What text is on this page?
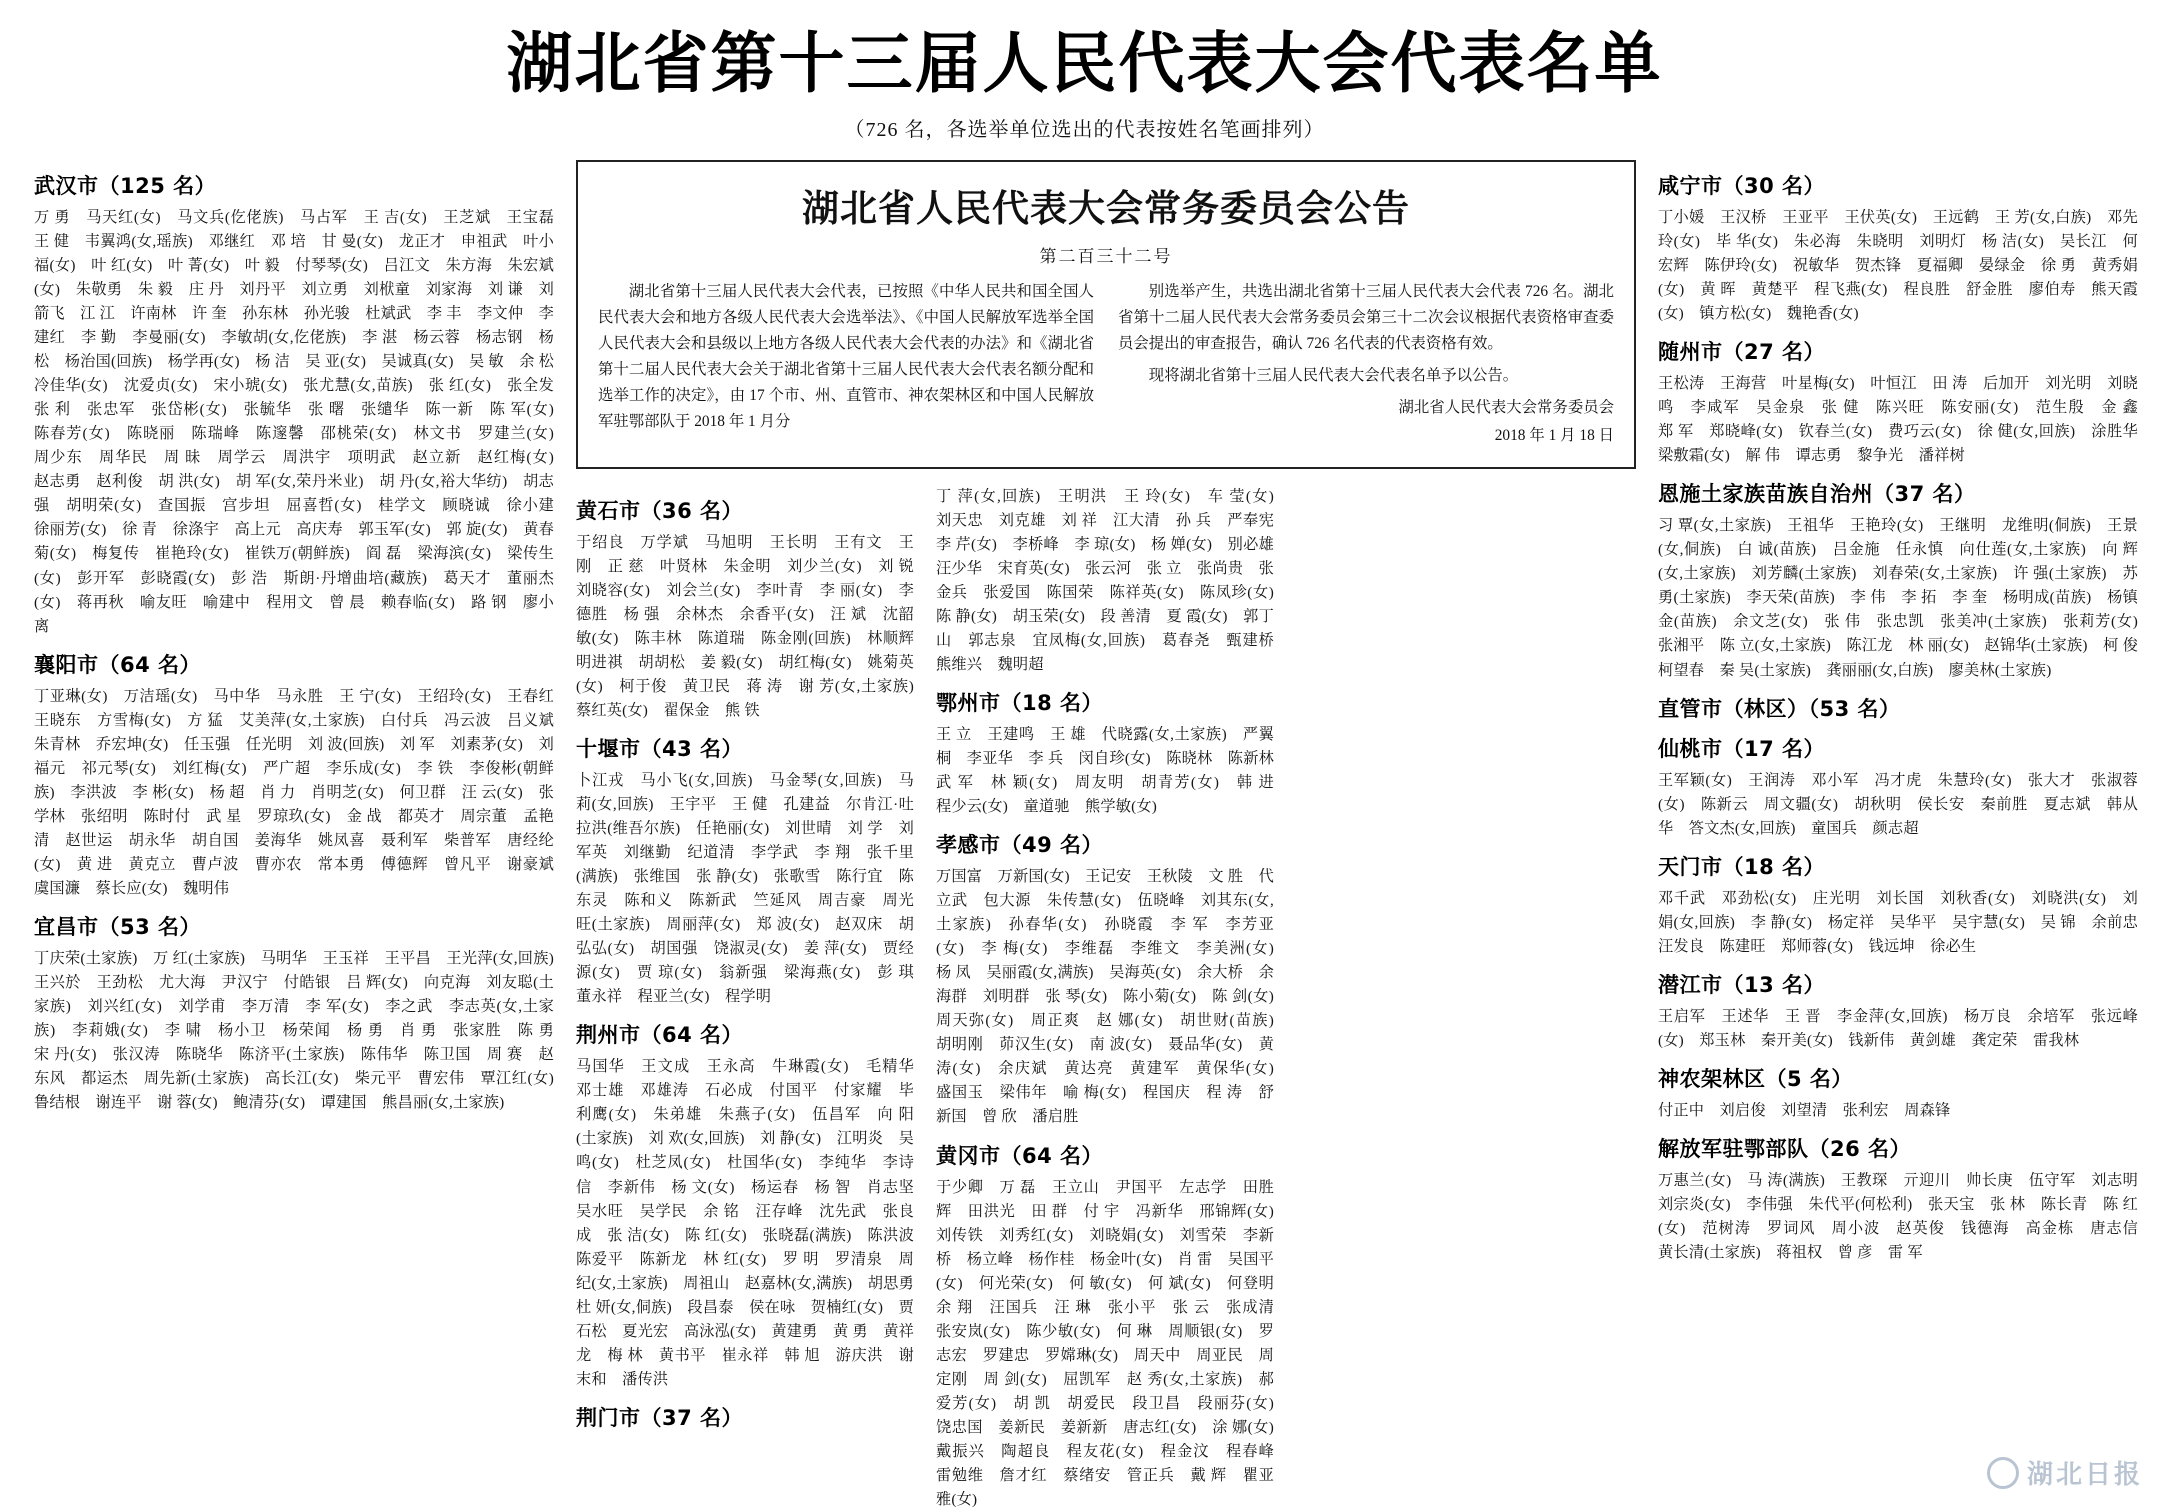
湖北省第十三届人民代表大会代表名单
（726 名，各选举单位选出的代表按姓名笔画排列）
武汉市（125 名）
万 勇　马天红(女)　马文兵(仡佬族)　马占军　王 吉(女)　王芝斌　王宝磊　王 健　韦翼鸿(女,瑶族)　邓继红　邓 培　甘 曼(女)　龙正才　申祖武　叶小福(女)　叶 红(女)　叶 菁(女)　叶 毅　付琴琴(女)　吕江文　朱方海　朱宏斌(女)　朱敬勇　朱 毅　庄 丹　刘丹平　刘立勇　刘栿童　刘家海　刘 谦　刘箭飞　江 江　许南林　许 奎　孙东林　孙光骏　杜斌武　李 丰　李文仲　李建红　李 勤　李曼丽(女)　李敏胡(女,仡佬族)　李 湛　杨云蓉　杨志钢　杨 松　杨治国(回族)　杨学再(女)　杨 洁　吴 亚(女)　吴诚真(女)　吴 敏　余 松　冷佳华(女)　沈爱贞(女)　宋小琥(女)　张尤慧(女,苗族)　张 红(女)　张全发　张 利　张忠军　张岱彬(女)　张毓华　张 曙　张缱华　陈一新　陈 军(女)　陈春芳(女)　陈晓丽　陈瑞峰　陈邃馨　邵桃荣(女)　林文书　罗建兰(女)　周少东　周华民　周 昧　周学云　周洪宇　项明武　赵立新　赵红梅(女)　赵志勇　赵利俊　胡 洪(女)　胡 军(女,荣丹米业)　胡 丹(女,裕大华纺)　胡志强　胡明荣(女)　查国振　宫步坦　屈喜哲(女)　桂学文　顾晓诚　徐小建　徐丽芳(女)　徐 青　徐涤宇　高上元　高庆寿　郭玉军(女)　郭 旋(女)　黄春菊(女)　梅复传　崔艳玲(女)　崔铁万(朝鲜族)　阎 磊　梁海滨(女)　梁传生(女)　彭开军　彭晓霞(女)　彭 浩　斯朗·丹增曲培(藏族)　葛天才　董丽杰(女)　蒋再秋　喻友旺　喻建中　程用文　曾 晨　赖春临(女)　路 钢　廖小离
襄阳市（64 名）
丁亚琳(女)　万洁瑶(女)　马中华　马永胜　王 宁(女)　王绍玲(女)　王春红　王晓东　方雪梅(女)　方 猛　艾美萍(女,土家族)　白付兵　冯云波　吕义斌　朱青林　乔宏坤(女)　任玉强　任光明　刘 波(回族)　刘 军　刘素茅(女)　刘福元　祁元琴(女)　刘红梅(女)　严广超　李乐成(女)　李 铁　李俊彬(朝鲜族)　李洪波　李 彬(女)　杨 超　肖 力　肖明芝(女)　何卫群　汪 云(女)　张学林　张绍明　陈时付　武 星　罗琼玖(女)　金 战　都英才　周宗董　孟艳清　赵世运　胡永华　胡自国　姜海华　姚凤喜　聂利军　柴普军　唐经纶(女)　黄 进　黄克立　曹卢波　曹亦农　常本勇　傅德辉　曾凡平　谢豪斌　虞国濂　蔡长应(女)　魏明伟
宜昌市（53 名）
丁庆荣(土家族)　万 红(土家族)　马明华　王玉祥　王平昌　王光萍(女,回族)　王兴於　王劲松　尤大海　尹汉宁　付皓银　吕 辉(女)　向克海　刘友聪(土家族)　刘兴红(女)　刘学甫　李万清　李 军(女)　李之武　李志英(女,土家族)　李莉娥(女)　李 啸　杨小卫　杨荣闻　杨 勇　肖 勇　张家胜　陈 勇　宋 丹(女)　张汉涛　陈晓华　陈济平(土家族)　陈伟华　陈卫国　周 赛　赵东风　都运杰　周先新(土家族)　高长江(女)　柴元平　曹宏伟　覃江红(女)　鲁结根　谢连平　谢 蓉(女)　鲍清芬(女)　谭建国　熊昌丽(女,土家族)
湖北省人民代表大会常务委员会公告
第二百三十二号

湖北省第十三届人民代表大会代表，已按照《中华人民共和国全国人民代表大会和地方各级人民代表大会选举法》、《中国人民解放军选举全国人民代表大会和县级以上地方各级人民代表大会代表的办法》和《湖北省第十二届人民代表大会关于湖北省第十三届人民代表大会代表名额分配和选举工作的决定》，由 17 个市、州、直管市、神农架林区和中国人民解放军驻鄂部队于 2018 年 1 月分

别选举产生，共选出湖北省第十三届人民代表大会代表 726 名。湖北省第十二届人民代表大会常务委员会第三十二次会议根据代表资格审查委员会提出的审查报告，确认 726 名代表的代表资格有效。

现将湖北省第十三届人民代表大会代表名单予以公告。

湖北省人民代表大会常务委员会

2018 年 1 月 18 日

黄石市（36 名）
于绍良　万学斌　马旭明　王长明　王有文　王 刚　正 慈　叶贤林　朱金明　刘少兰(女)　刘 锐　刘晓容(女)　刘会兰(女)　李叶青　李 丽(女)　李德胜　杨 强　余林杰　余香平(女)　汪 斌　沈韶敏(女)　陈丰林　陈道瑞　陈金刚(回族)　林顺辉　明进祺　胡胡松　姜 毅(女)　胡红梅(女)　姚菊英(女)　柯于俊　黄卫民　蒋 涛　谢 芳(女,土家族)　蔡红英(女)　翟保金　熊 铁
十堰市（43 名）
卜江戎　马小飞(女,回族)　马金琴(女,回族)　马 莉(女,回族)　王宇平　王 健　孔建益　尔肯江·吐拉洪(维吾尔族)　任艳丽(女)　刘世晴　刘 学　刘军英　刘继勤　纪道清　李学武　李 翔　张千里(满族)　张维国　张 静(女)　张歌雪　陈行宜　陈东灵　陈和义　陈新武　竺延风　周吉豪　周光旺(土家族)　周丽萍(女)　郑 波(女)　赵双床　胡弘弘(女)　胡国强　饶淑灵(女)　姜 萍(女)　贾经源(女)　贾 琼(女)　翁新强　梁海燕(女)　彭 琪　董永祥　程亚兰(女)　程学明
荆州市（64 名）
马国华　王文成　王永高　牛琳霞(女)　毛精华　邓士雄　邓雄涛　石必成　付国平　付家耀　毕利鹰(女)　朱弟雄　朱燕子(女)　伍昌军　向 阳(土家族)　刘 欢(女,回族)　刘 静(女)　江明炎　吴 鸣(女)　杜芝凤(女)　杜国华(女)　李纯华　李诗信　李新伟　杨 文(女)　杨运春　杨 智　肖志坚　吴水旺　吴学民　余 铭　汪存峰　沈先武　张良成　张 洁(女)　陈 红(女)　张晓磊(满族)　陈洪波　陈爱平　陈新龙　林 红(女)　罗 明　罗清泉　周 纪(女,土家族)　周祖山　赵嘉林(女,满族)　胡思勇　杜 妍(女,侗族)　段昌泰　侯在咏　贺楠红(女)　贾石松　夏光宏　高泳泓(女)　黄建勇　黄 勇　黄祥龙　梅 林　黄书平　崔永祥　韩 旭　游庆洪　谢末和　潘传洪
荆门市（37 名）
丁 萍(女,回族)　王明洪　王 玲(女)　车 莹(女)　刘天忠　刘克雄　刘 祥　江大清　孙 兵　严奉宪　李 芹(女)　李桥峰　李 琼(女)　杨 婵(女)　别必雄　汪少华　宋育英(女)　张云河　张 立　张尚贵　张金兵　张爱国　陈国荣　陈祥英(女)　陈凤珍(女)　陈 静(女)　胡玉荣(女)　段 善清　夏 霞(女)　郭丁山　郭志泉　宜凤梅(女,回族)　葛春尧　甄建桥　熊维兴　魏明超
鄂州市（18 名）
王 立　王建鸣　王 雄　代晓露(女,土家族)　严翼桐　李亚华　李 兵　闵自珍(女)　陈晓林　陈新林　武 军　林 颖(女)　周友明　胡青芳(女)　韩 进　程少云(女)　童道驰　熊学敏(女)
孝感市（49 名）
万国富　万新国(女)　王记安　王秋陵　文 胜　代立武　包大源　朱传慧(女)　伍晓峰　刘其东(女,土家族)　孙春华(女)　孙晓霞　李 军　李芳亚(女)　李 梅(女)　李维磊　李维文　李美洲(女)　杨 凤　吴丽霞(女,满族)　吴海英(女)　余大桥　余海群　刘明群　张 琴(女)　陈小菊(女)　陈 剑(女)　周天弥(女)　周正爽　赵 娜(女)　胡世财(苗族)　胡明刚　茆汉生(女)　南 波(女)　聂品华(女)　黄 涛(女)　余庆斌　黄达亮　黄建军　黄保华(女)　盛国玉　梁伟年　喻 梅(女)　程国庆　程 涛　舒新国　曾 欣　潘启胜
黄冈市（64 名）
于少卿　万 磊　王立山　尹国平　左志学　田胜辉　田洪光　田 群　付 宇　冯新华　邢锦辉(女)　刘传铁　刘秀红(女)　刘晓娟(女)　刘雪荣　李新桥　杨立峰　杨作桂　杨金叶(女)　肖 雷　吴国平(女)　何光荣(女)　何 敏(女)　何 斌(女)　何登明　余 翔　汪国兵　汪 琳　张小平　张 云　张成清　张安岚(女)　陈少敏(女)　何 琳　周顺银(女)　罗志宏　罗建忠　罗嫦琳(女)　周天中　周亚民　周定刚　周 剑(女)　屈凯军　赵 秀(女,土家族)　郝爱芳(女)　胡 凯　胡爱民　段卫昌　段丽芬(女)　饶忠国　姜新民　姜新新　唐志红(女)　涂 娜(女)　戴振兴　陶超良　程友花(女)　程金汶　程春峰　雷勉维　詹才红　蔡绪安　管正兵　戴 辉　瞿亚雅(女)
咸宁市（30 名）
丁小媛　王汉桥　王亚平　王伏英(女)　王远鹤　王 芳(女,白族)　邓先玲(女)　毕 华(女)　朱必海　朱晓明　刘明灯　杨 洁(女)　吴长江　何宏辉　陈伊玲(女)　祝敏华　贺杰锋　夏福卿　晏绿金　徐 勇　黄秀娟(女)　黄 晖　黄楚平　程飞燕(女)　程良胜　舒金胜　廖伯寿　熊天霞(女)　镇方松(女)　魏艳香(女)
随州市（27 名）
王松涛　王海营　叶星梅(女)　叶恒江　田 涛　后加开　刘光明　刘晓鸣　李咸军　吴金泉　张 健　陈兴旺　陈安丽(女)　范生殷　金 鑫　郑 军　郑晓峰(女)　钦春兰(女)　费巧云(女)　徐 健(女,回族)　涂胜华　梁敷霜(女)　解 伟　谭志勇　黎争光　潘祥树
恩施土家族苗族自治州（37 名）
习 覃(女,土家族)　王祖华　王艳玲(女)　王继明　龙维明(侗族)　王景(女,侗族)　白 诚(苗族)　吕金施　任永慎　向仕莲(女,土家族)　向 辉(女,土家族)　刘芳麟(土家族)　刘春荣(女,土家族)　许 强(土家族)　苏 勇(土家族)　李天荣(苗族)　李 伟　李 拓　李 奎　杨明成(苗族)　杨镇金(苗族)　余文芝(女)　张 伟　张忠凯　张美冲(土家族)　张莉芳(女)　张湘平　陈 立(女,土家族)　陈江龙　林 丽(女)　赵锦华(土家族)　柯 俊　柯望春　秦 吴(土家族)　龚丽丽(女,白族)　廖美林(土家族)
直管市（林区）（53 名）
仙桃市（17 名）
王军颖(女)　王润涛　邓小军　冯才虎　朱慧玲(女)　张大才　张淑蓉(女)　陈新云　周文疆(女)　胡秋明　侯长安　秦前胜　夏志斌　韩从华　答文杰(女,回族)　童国兵　颜志超
天门市（18 名）
邓千武　邓劲松(女)　庄光明　刘长国　刘秋香(女)　刘晓洪(女)　刘 娟(女,回族)　李 静(女)　杨定祥　吴华平　吴宇慧(女)　吴 锦　余前忠　汪发良　陈建旺　郑师蓉(女)　钱远坤　徐必生
潜江市（13 名）
王启军　王述华　王 晋　李金萍(女,回族)　杨万良　余培军　张远峰(女)　郑玉林　秦开美(女)　钱新伟　黄剑雄　龚定荣　雷我林
神农架林区（5 名）
付正中　刘启俊　刘望清　张利宏　周森锋
解放军驻鄂部队（26 名）
万惠兰(女)　马 涛(满族)　王教琛　亓迎川　帅长庚　伍守军　刘志明　刘宗炎(女)　李伟强　朱代平(何松利)　张天宝　张 林　陈长青　陈 红(女)　范树涛　罗词风　周小波　赵英俊　钱德海　高金栋　唐志信　黄长清(土家族)　蒋祖权　曾 彦　雷 军
湖北日报
